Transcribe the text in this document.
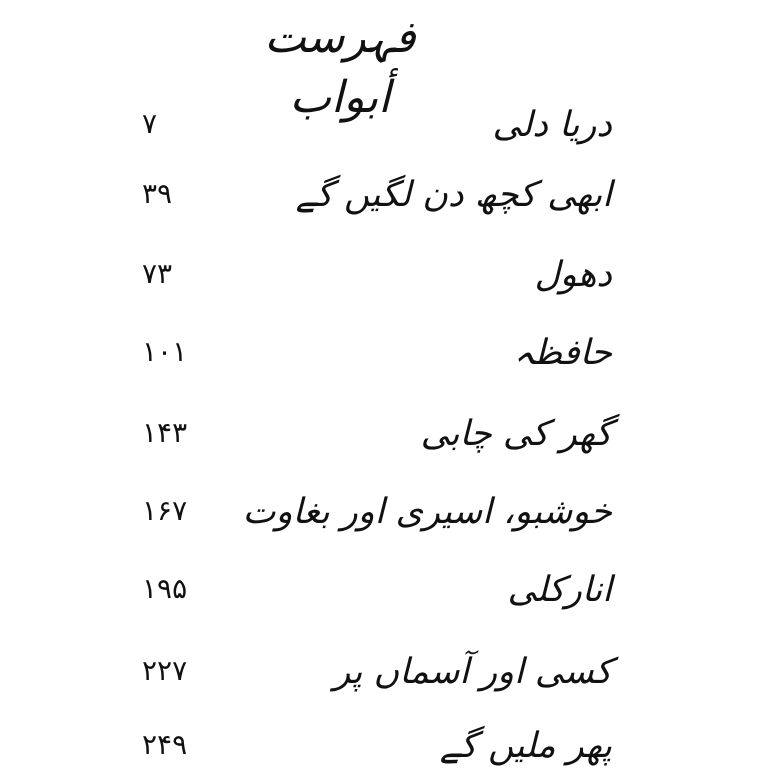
فہرست أبواب
دریا دلی
۷
ابھی کچھ دن لگیں گے
۳۹
دھول
۷۳
حافظہ
۱۰۱
گھر کی چابی
۱۴۳
خوشبو، اسیری اور بغاوت
۱۶۷
انارکلی
۱۹۵
کسی اور آسماں پر
۲۲۷
پھر ملیں گے
۲۴۹
